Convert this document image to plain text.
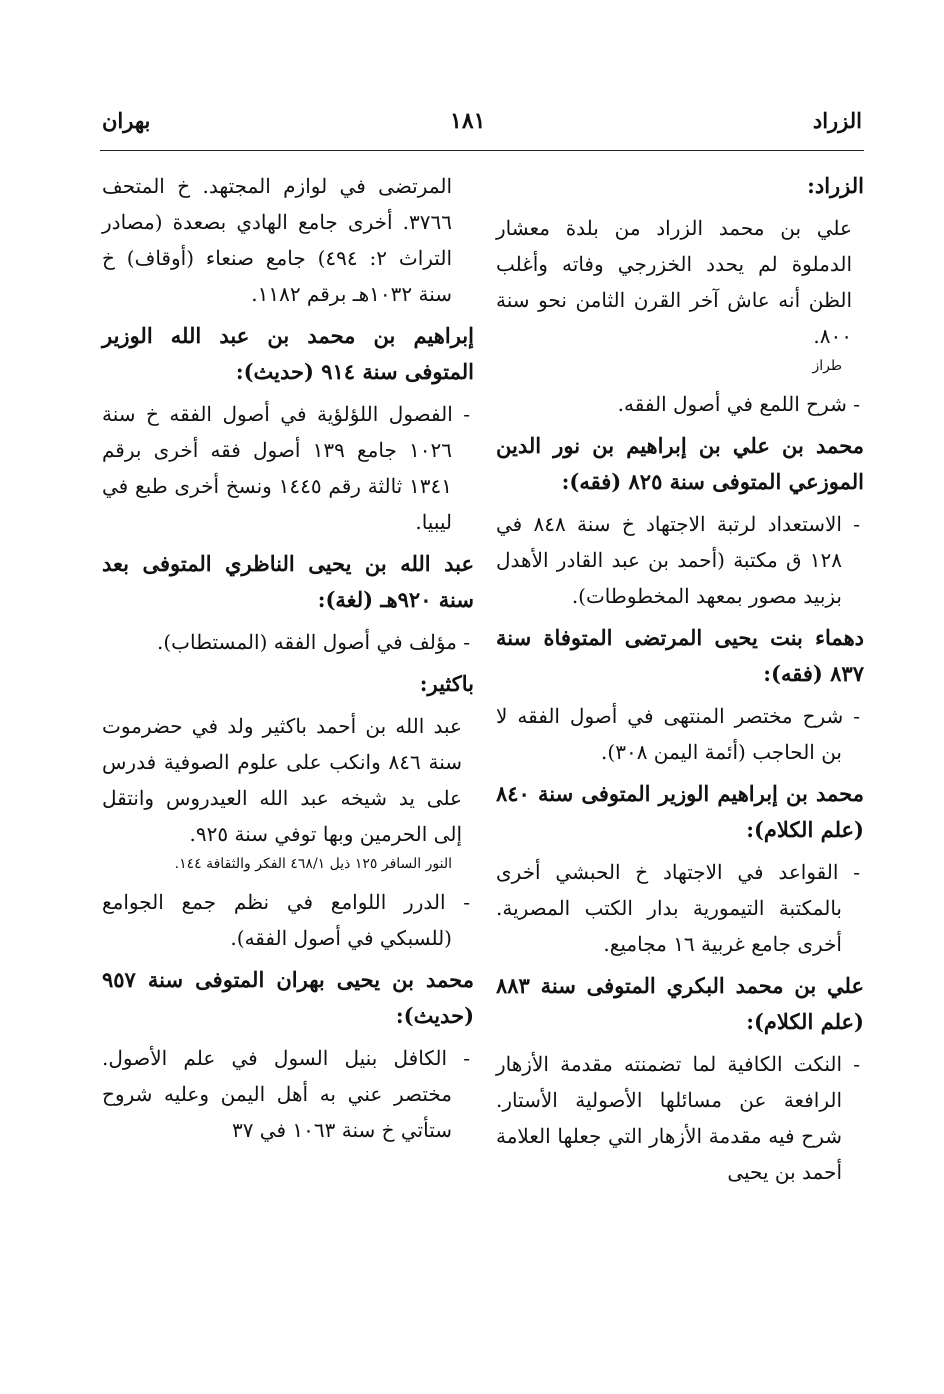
الزراد
١٨١
بهران
الزراد:
علي بن محمد الزراد من بلدة معشار الدملوة لم يحدد الخزرجي وفاته وأغلب الظن أنه عاش آخر القرن الثامن نحو سنة ٨٠٠.
طراز
- شرح اللمع في أصول الفقه.
محمد بن علي بن إبراهيم بن نور الدين الموزعي المتوفى سنة ٨٢٥ (فقه):
- الاستعداد لرتبة الاجتهاد خ سنة ٨٤٨ في ١٢٨ ق مكتبة (أحمد بن عبد القادر الأهدل بزبيد مصور بمعهد المخطوطات).
دهماء بنت يحيى المرتضى المتوفاة سنة ٨٣٧ (فقه):
- شرح مختصر المنتهى في أصول الفقه لا بن الحاجب (أئمة اليمن ٣٠٨).
محمد بن إبراهيم الوزير المتوفى سنة ٨٤٠ (علم الكلام):
- القواعد في الاجتهاد خ الحبشي أخرى بالمكتبة التيمورية بدار الكتب المصرية. أخرى جامع غربية ١٦ مجاميع.
علي بن محمد البكري المتوفى سنة ٨٨٣ (علم الكلام):
- النكت الكافية لما تضمنته مقدمة الأزهار الرافعة عن مسائلها الأصولية الأستار. شرح فيه مقدمة الأزهار التي جعلها العلامة أحمد بن يحيى
المرتضى في لوازم المجتهد. خ المتحف ٣٧٦٦. أخرى جامع الهادي بصعدة (مصادر التراث ٢: ٤٩٤) جامع صنعاء (أوقاف) خ سنة ١٠٣٢هـ برقم ١١٨٢.
إبراهيم بن محمد بن عبد الله الوزير المتوفى سنة ٩١٤ (حديث):
- الفصول اللؤلؤية في أصول الفقه خ سنة ١٠٢٦ جامع ١٣٩ أصول فقه أخرى برقم ١٣٤١ ثالثة رقم ١٤٤٥ ونسخ أخرى طبع في ليبيا.
عبد الله بن يحيى الناظري المتوفى بعد سنة ٩٢٠هـ (لغة):
- مؤلف في أصول الفقه (المستطاب).
باكثير:
عبد الله بن أحمد باكثير ولد في حضرموت سنة ٨٤٦ وانكب على علوم الصوفية فدرس على يد شيخه عبد الله العيدروس وانتقل إلى الحرمين وبها توفي سنة ٩٢٥.
النور السافر ١٢٥ ذيل ٤٦٨/١ الفكر والثقافة ١٤٤.
- الدرر اللوامع في نظم جمع الجوامع (للسبكي في أصول الفقه).
محمد بن يحيى بهران المتوفى سنة ٩٥٧ (حديث):
- الكافل بنيل السول في علم الأصول. مختصر عني به أهل اليمن وعليه شروح ستأتي خ سنة ١٠٦٣ في ٣٧
